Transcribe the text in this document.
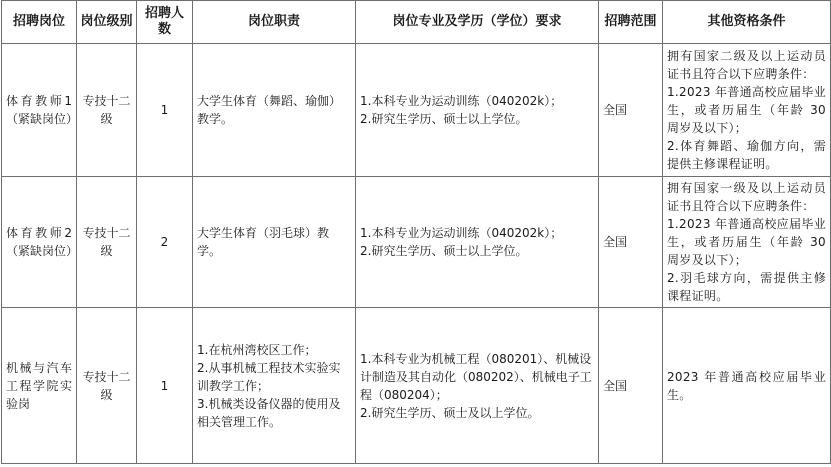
招聘岗位	岗位级别	招聘人数	岗位职责	岗位专业及学历（学位）要求	招聘范围	其他资格条件
体育教师1（紧缺岗位）	专技十二级	1	大学生体育（舞蹈、瑜伽）教学。	1.本科专业为运动训练（040202k）；
2.研究生学历、硕士以上学位。	全国	拥有国家二级及以上运动员证书且符合以下应聘条件：
1.2023 年普通高校应届毕业生，或者历届生（年龄 30 周岁及以下）；
2.体育舞蹈、瑜伽方向，需提供主修课程证明。

体育教师2（紧缺岗位）	专技十二级	2	大学生体育（羽毛球）教学。	1.本科专业为运动训练（040202k）；
2.研究生学历、硕士以上学位。	全国	拥有国家一级及以上运动员证书且符合以下应聘条件：
1.2023 年普通高校应届毕业生，或者历届生（年龄 30 周岁及以下）；
2.羽毛球方向，需提供主修课程证明。

机械与汽车工程学院实验岗	专技十二级	1	1.在杭州湾校区工作；
2.从事机械工程技术实验实训教学工作；
3.机械类设备仪器的使用及相关管理工作。	1.本科专业为机械工程（080201）、机械设计制造及其自动化（080202）、机械电子工程（080204）；
2.研究生学历、硕士及以上学位。	全国	2023 年普通高校应届毕业生。
